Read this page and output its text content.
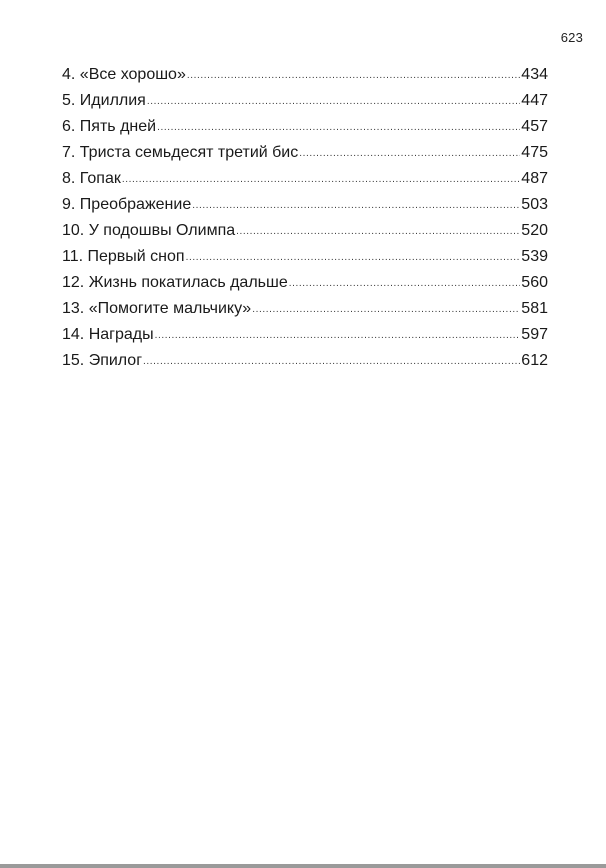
623
4. «Все хорошо» .....	434
5. Идиллия .....	447
6. Пять дней .....	457
7. Триста семьдесят третий бис .....	475
8. Гопак .....	487
9. Преображение .....	503
10. У подошвы Олимпа .....	520
11. Первый сноп .....	539
12. Жизнь покатилась дальше .....	560
13. «Помогите мальчику» .....	581
14. Награды .....	597
15. Эпилог .....	612
